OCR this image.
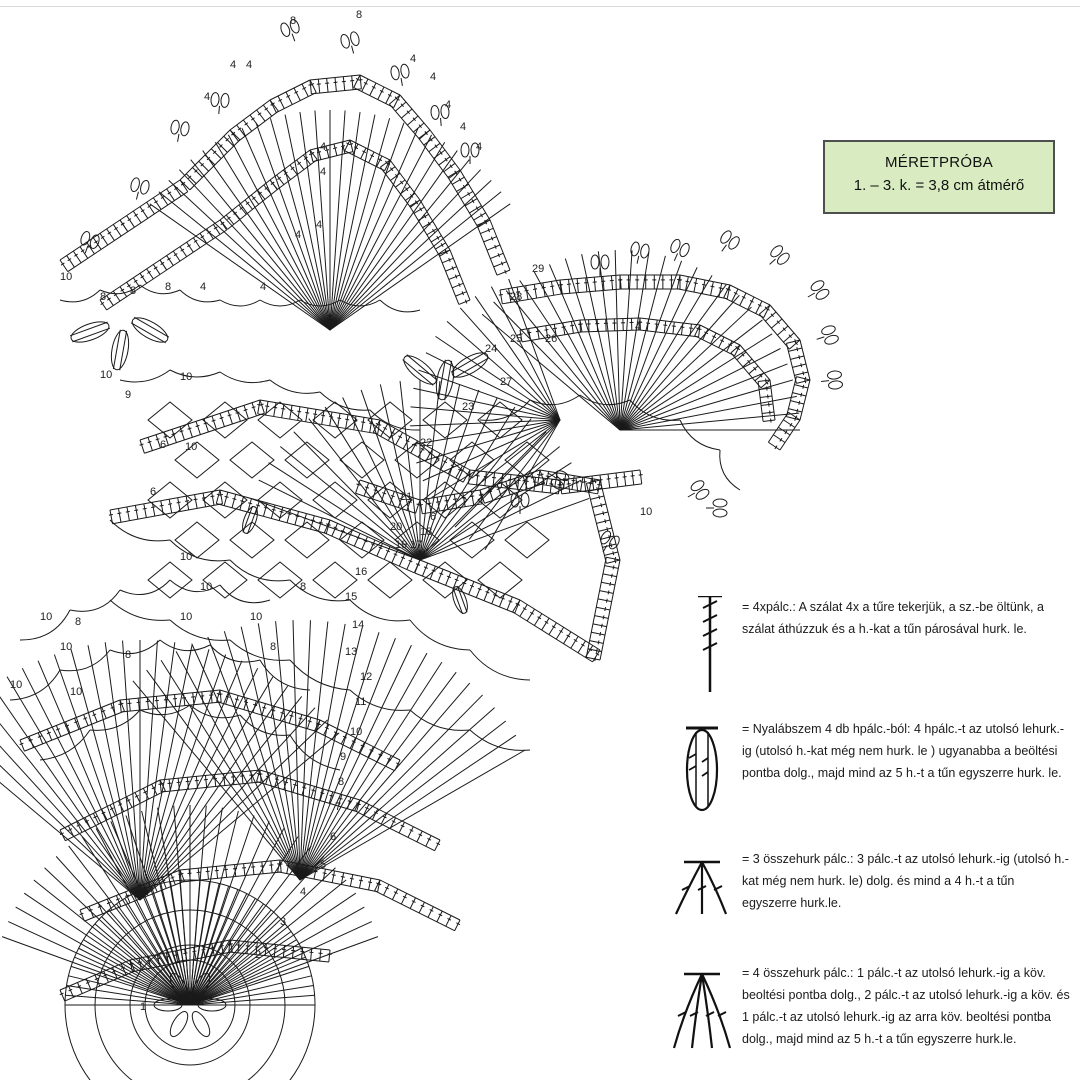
8	8
4
4
4
4
4
4
4
4
4
4
1
2
3
4
5
6
7
8
9
10
11
12
13
14
15
16
17
18
19
20
21
22
23
24
25 26
27
28
29
10
10	10
10
10
10
10
10
10
10
10
8
8
8 8	8
8
8
6
6
6
4
4
4
4	4
9
10	10
MÉRETPRÓBA
1. – 3. k. = 3,8 cm átmérő
= 4xpálc.: A szálat 4x a tűre tekerjük, a sz.-be öltünk, a szálat áthúzzuk és a h.-kat a tűn párosával hurk. le.
= Nyalábszem 4 db hpálc.-ból: 4 hpálc.-t az utolsó lehurk.-ig (utolsó h.-kat még nem hurk. le ) ugyanabba a beöltési pontba dolg., majd mind az 5 h.-t a tűn egyszerre hurk. le.
= 3 összehurk pálc.: 3 pálc.-t az utolsó lehurk.-ig (utolsó h.-kat még nem hurk. le) dolg. és mind a 4 h.-t a tűn egyszerre hurk.le.
= 4 összehurk pálc.: 1 pálc.-t az utolsó lehurk.-ig a köv. beoltési pontba dolg., 2 pálc.-t az utolsó lehurk.-ig a köv. és 1 pálc.-t az utolsó lehurk.-ig az arra köv. beoltési pontba dolg., majd mind az 5 h.-t a tűn egyszerre hurk.le.
